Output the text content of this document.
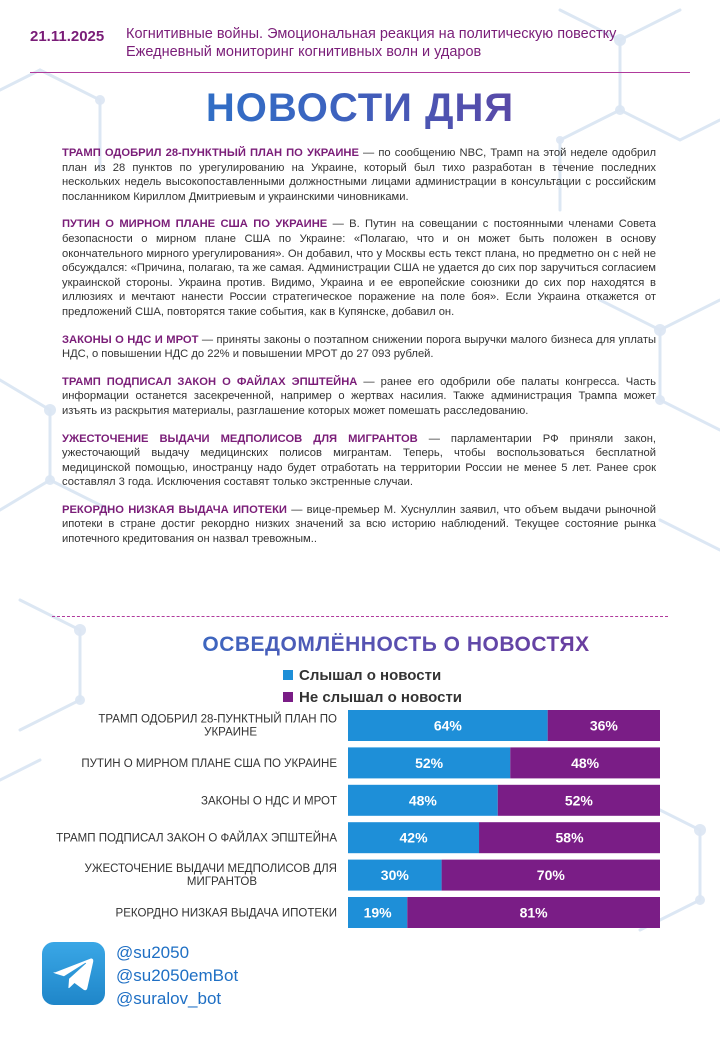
21.11.2025 Когнитивные войны. Эмоциональная реакция на политическую повестку
Ежедневный мониторинг когнитивных волн и ударов
НОВОСТИ ДНЯ
ТРАМП ОДОБРИЛ 28-ПУНКТНЫЙ ПЛАН ПО УКРАИНЕ — по сообщению NBC, Трамп на этой неделе одобрил план из 28 пунктов по урегулированию на Украине, который был тихо разработан в течение последних нескольких недель высокопоставленными должностными лицами администрации в консультации с российским посланником Кириллом Дмитриевым и украинскими чиновниками.
ПУТИН О МИРНОМ ПЛАНЕ США ПО УКРАИНЕ — В. Путин на совещании с постоянными членами Совета безопасности о мирном плане США по Украине: «Полагаю, что и он может быть положен в основу окончательного мирного урегулирования». Он добавил, что у Москвы есть текст плана, но предметно он с ней не обсуждался: «Причина, полагаю, та же самая. Администрации США не удается до сих пор заручиться согласием украинской стороны. Украина против. Видимо, Украина и ее европейские союзники до сих пор находятся в иллюзиях и мечтают нанести России стратегическое поражение на поле боя». Если Украина откажется от предложений США, повторятся такие события, как в Купянске, добавил он.
ЗАКОНЫ О НДС И МРОТ — приняты законы о поэтапном снижении порога выручки малого бизнеса для уплаты НДС, о повышении НДС до 22% и повышении МРОТ до 27 093 рублей.
ТРАМП ПОДПИСАЛ ЗАКОН О ФАЙЛАХ ЭПШТЕЙНА — ранее его одобрили обе палаты конгресса. Часть информации останется засекреченной, например о жертвах насилия. Также администрация Трампа может изъять из раскрытия материалы, разглашение которых может помешать расследованию.
УЖЕСТОЧЕНИЕ ВЫДАЧИ МЕДПОЛИСОВ ДЛЯ МИГРАНТОВ — парламентарии РФ приняли закон, ужесточающий выдачу медицинских полисов мигрантам. Теперь, чтобы воспользоваться бесплатной медицинской помощью, иностранцу надо будет отработать на территории России не менее 5 лет. Ранее срок составлял 3 года. Исключения составят только экстренные случаи.
РЕКОРДНО НИЗКАЯ ВЫДАЧА ИПОТЕКИ — вице-премьер М. Хуснуллин заявил, что объем выдачи рыночной ипотеки в стране достиг рекордно низких значений за всю историю наблюдений. Текущее состояние рынка ипотечного кредитования он назвал тревожным..
ОСВЕДОМЛЁННОСТЬ О НОВОСТЯХ
Слышал о новости
Не слышал о новости
ТРАМП ОДОБРИЛ 28-ПУНКТНЫЙ ПЛАН ПО УКРАИНЕ	64%	36%
ПУТИН О МИРНОМ ПЛАНЕ США ПО УКРАИНЕ	52%	48%
ЗАКОНЫ О НДС И МРОТ	48%	52%
ТРАМП ПОДПИСАЛ ЗАКОН О ФАЙЛАХ ЭПШТЕЙНА	42%	58%
УЖЕСТОЧЕНИЕ ВЫДАЧИ МЕДПОЛИСОВ ДЛЯ МИГРАНТОВ	30%	70%
РЕКОРДНО НИЗКАЯ ВЫДАЧА ИПОТЕКИ 19%	81%
@su2050
@su2050emBot
@suralov_bot
